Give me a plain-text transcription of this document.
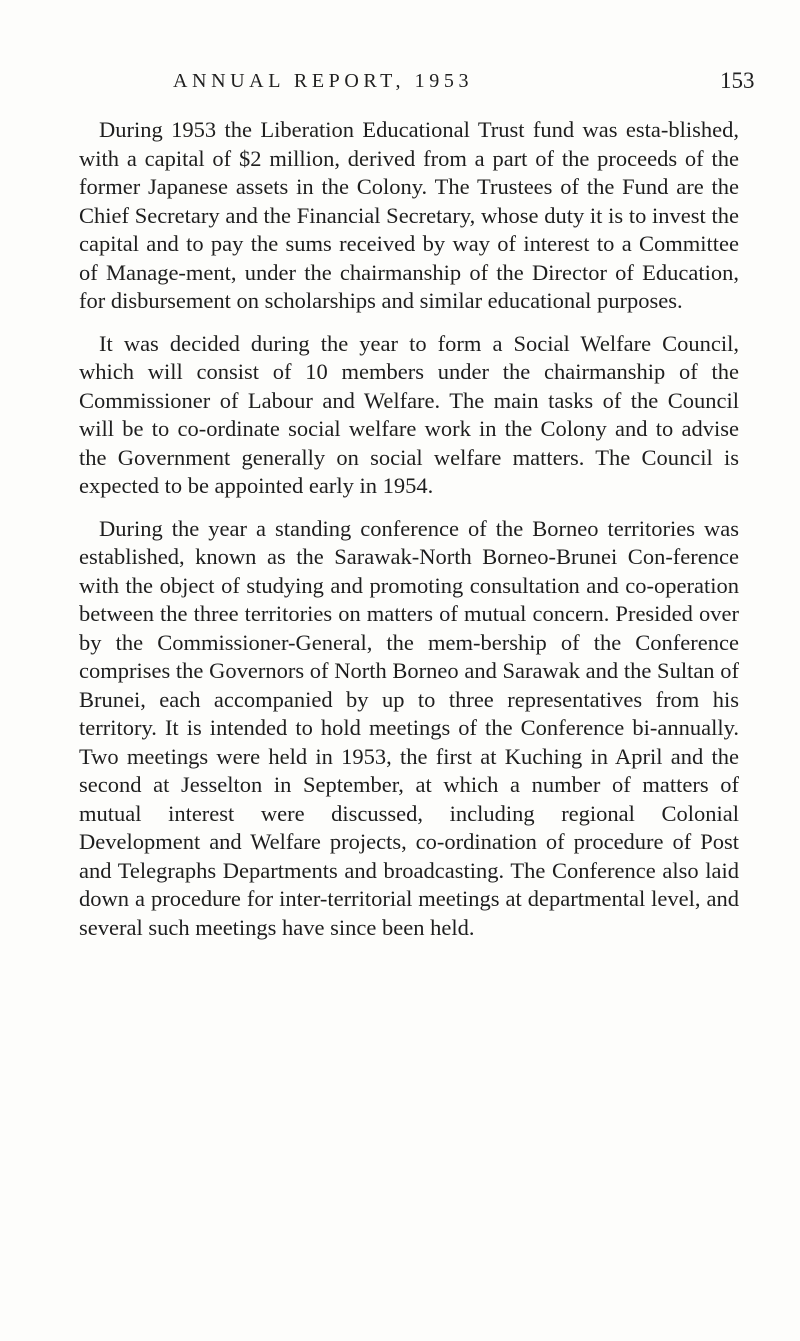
ANNUAL REPORT, 1953	153

During 1953 the Liberation Educational Trust fund was esta-blished, with a capital of $2 million, derived from a part of the proceeds of the former Japanese assets in the Colony. The Trustees of the Fund are the Chief Secretary and the Financial Secretary, whose duty it is to invest the capital and to pay the sums received by way of interest to a Committee of Manage-ment, under the chairmanship of the Director of Education, for disbursement on scholarships and similar educational purposes.

It was decided during the year to form a Social Welfare Council, which will consist of 10 members under the chairmanship of the Commissioner of Labour and Welfare. The main tasks of the Council will be to co-ordinate social welfare work in the Colony and to advise the Government generally on social welfare matters. The Council is expected to be appointed early in 1954.

During the year a standing conference of the Borneo territories was established, known as the Sarawak-North Borneo-Brunei Con-ference with the object of studying and promoting consultation and co-operation between the three territories on matters of mutual concern. Presided over by the Commissioner-General, the mem-bership of the Conference comprises the Governors of North Borneo and Sarawak and the Sultan of Brunei, each accompanied by up to three representatives from his territory. It is intended to hold meetings of the Conference bi-annually. Two meetings were held in 1953, the first at Kuching in April and the second at Jesselton in September, at which a number of matters of mutual interest were discussed, including regional Colonial Development and Welfare projects, co-ordination of procedure of Post and Telegraphs Departments and broadcasting. The Conference also laid down a procedure for inter-territorial meetings at departmental level, and several such meetings have since been held.
